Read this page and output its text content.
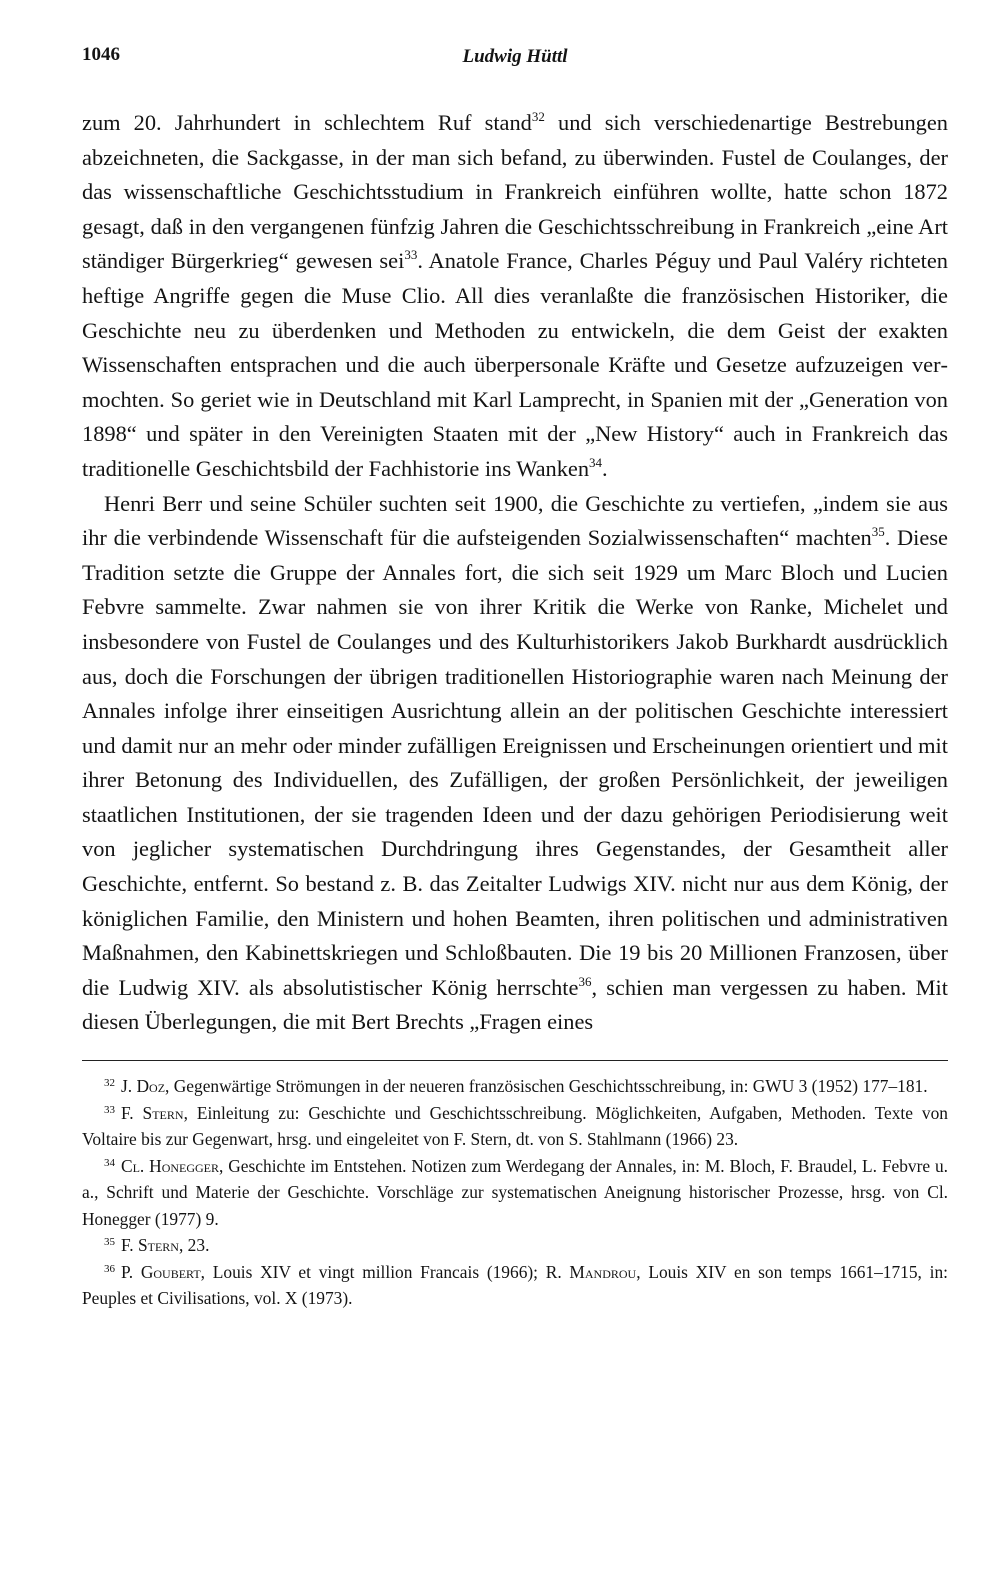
1046	Ludwig Hüttl

zum 20. Jahrhundert in schlechtem Ruf stand$^{32}$ und sich verschiedenartige Bestrebungen abzeichneten, die Sackgasse, in der man sich befand, zu überwinden. Fustel de Coulanges, der das wissenschaftliche Geschichtsstudium in Frankreich einführen wollte, hatte schon 1872 gesagt, daß in den vergangenen fünfzig Jahren die Geschichtsschreibung in Frankreich „eine Art ständiger Bürgerkrieg“ gewesen sei$^{33}$. Anatole France, Charles Péguy und Paul Valéry richteten heftige Angriffe gegen die Muse Clio. All dies veranlaßte die französischen Historiker, die Geschichte neu zu überdenken und Methoden zu entwickeln, die dem Geist der exakten Wissenschaften entsprachen und die auch überpersonale Kräfte und Gesetze aufzuzeigen vermochten. So geriet wie in Deutschland mit Karl Lamprecht, in Spanien mit der „Generation von 1898“ und später in den Vereinigten Staaten mit der „New History“ auch in Frankreich das traditionelle Geschichtsbild der Fachhistorie ins Wanken$^{34}$.

Henri Berr und seine Schüler suchten seit 1900, die Geschichte zu vertiefen, „indem sie aus ihr die verbindende Wissenschaft für die aufsteigenden Sozialwissenschaften“ machten$^{35}$. Diese Tradition setzte die Gruppe der Annales fort, die sich seit 1929 um Marc Bloch und Lucien Febvre sammelte. Zwar nahmen sie von ihrer Kritik die Werke von Ranke, Michelet und insbesondere von Fustel de Coulanges und des Kulturhistorikers Jakob Burkhardt ausdrücklich aus, doch die Forschungen der übrigen traditionellen Historiographie waren nach Meinung der Annales infolge ihrer einseitigen Ausrichtung allein an der politischen Geschichte interessiert und damit nur an mehr oder minder zufälligen Ereignissen und Erscheinungen orientiert und mit ihrer Betonung des Individuellen, des Zufälligen, der großen Persönlichkeit, der jeweiligen staatlichen Institutionen, der sie tragenden Ideen und der dazu gehörigen Periodisierung weit von jeglicher systematischen Durchdringung ihres Gegenstandes, der Gesamtheit aller Geschichte, entfernt. So bestand z. B. das Zeitalter Ludwigs XIV. nicht nur aus dem König, der königlichen Familie, den Ministern und hohen Beamten, ihren politischen und administrativen Maßnahmen, den Kabinettskriegen und Schloßbauten. Die 19 bis 20 Millionen Franzosen, über die Ludwig XIV. als absolutistischer König herrschte$^{36}$, schien man vergessen zu haben. Mit diesen Überlegungen, die mit Bert Brechts „Fragen eines

$^{32}$ J. Doz, Gegenwärtige Strömungen in der neueren französischen Geschichtsschreibung, in: GWU 3 (1952) 177–181.

$^{33}$ F. Stern, Einleitung zu: Geschichte und Geschichtsschreibung. Möglichkeiten, Aufgaben, Methoden. Texte von Voltaire bis zur Gegenwart, hrsg. und eingeleitet von F. Stern, dt. von S. Stahlmann (1966) 23.

$^{34}$ Cl. Honegger, Geschichte im Entstehen. Notizen zum Werdegang der Annales, in: M. Bloch, F. Braudel, L. Febvre u. a., Schrift und Materie der Geschichte. Vorschläge zur systematischen Aneignung historischer Prozesse, hrsg. von Cl. Honegger (1977) 9.

$^{35}$ F. Stern, 23.

$^{36}$ P. Goubert, Louis XIV et vingt million Francais (1966); R. Mandrou, Louis XIV en son temps 1661–1715, in: Peuples et Civilisations, vol. X (1973).
